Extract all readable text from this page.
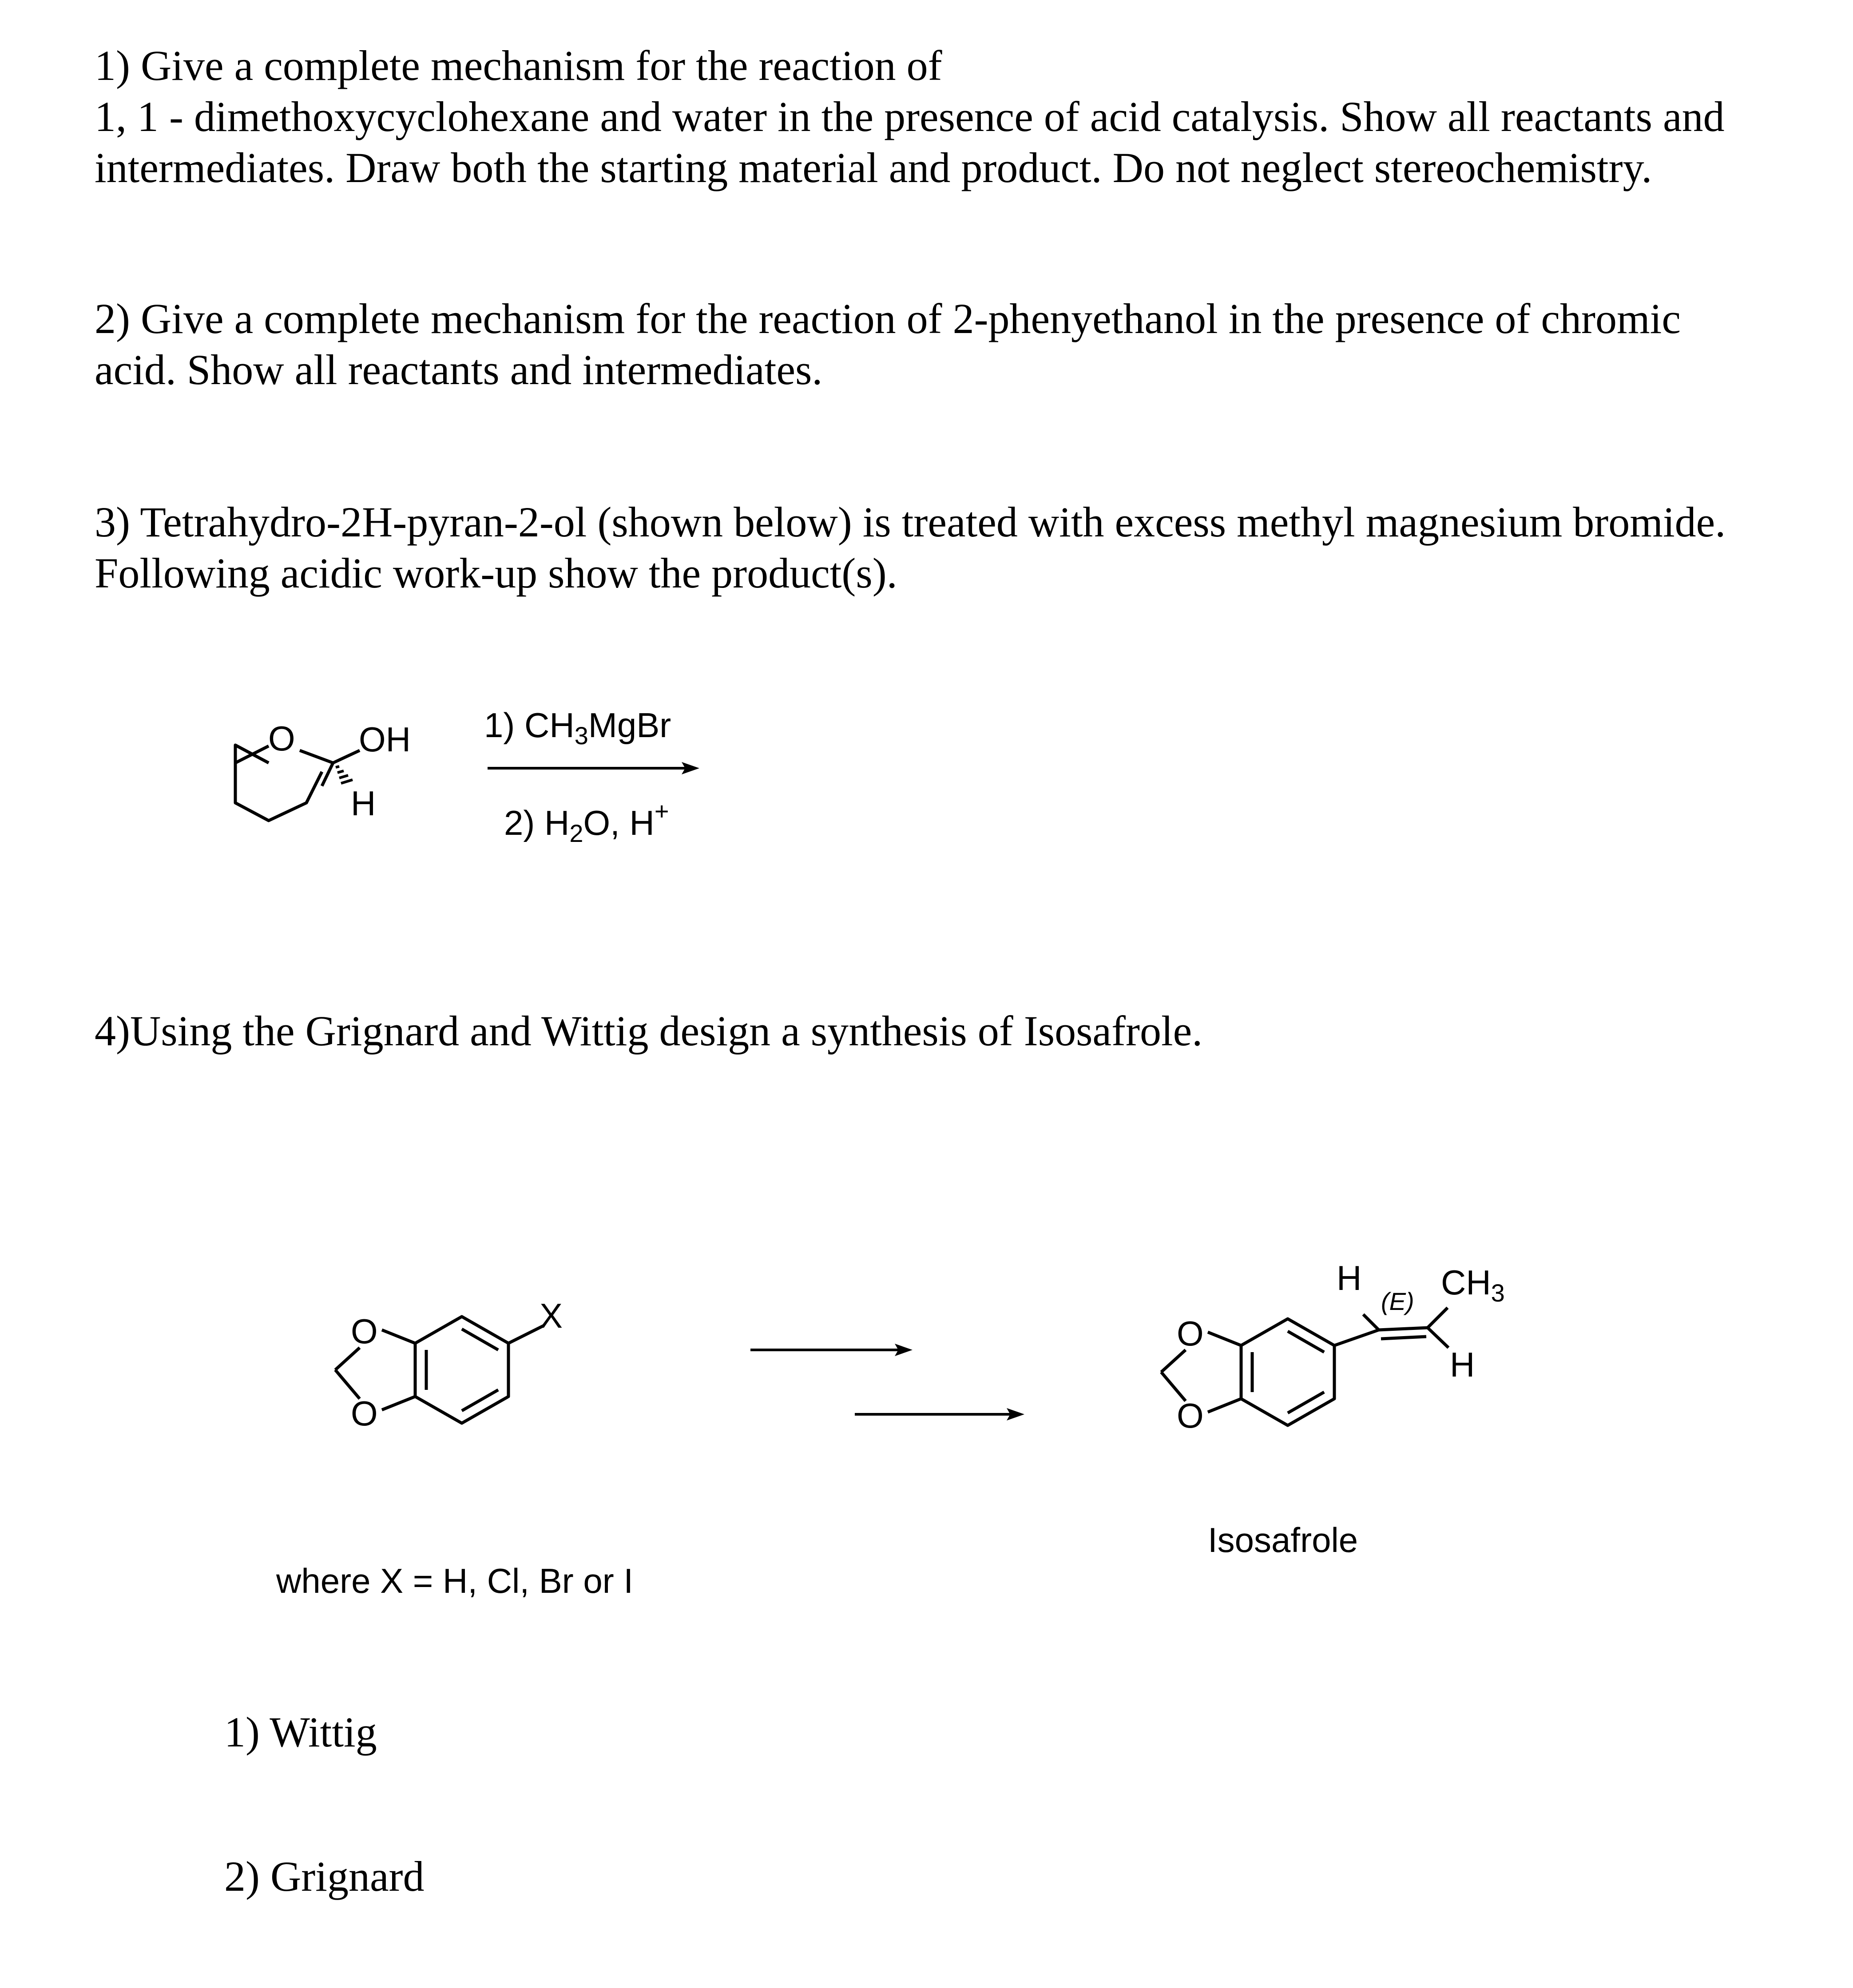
1) Give a complete mechanism for the reaction of
1, 1 - dimethoxycyclohexane and water in the presence of acid catalysis. Show all reactants and
intermediates. Draw both the starting material and product. Do not neglect stereochemistry.
2) Give a complete mechanism for the reaction of 2-phenyethanol in the presence of chromic
acid. Show all reactants and intermediates.
3) Tetrahydro-2H-pyran-2-ol (shown below) is treated with excess methyl magnesium bromide.
Following acidic work-up show the product(s).
O OH
H
1) $CH_3MgBr$
2) $H_2O$, H+
4)Using the Grignard and Wittig design a synthesis of Isosafrole.
O
O
X
where X = H, Cl, Br or I
O
O
H
(E) $CH_3$
H
Isosafrole
1) Wittig
2) Grignard
